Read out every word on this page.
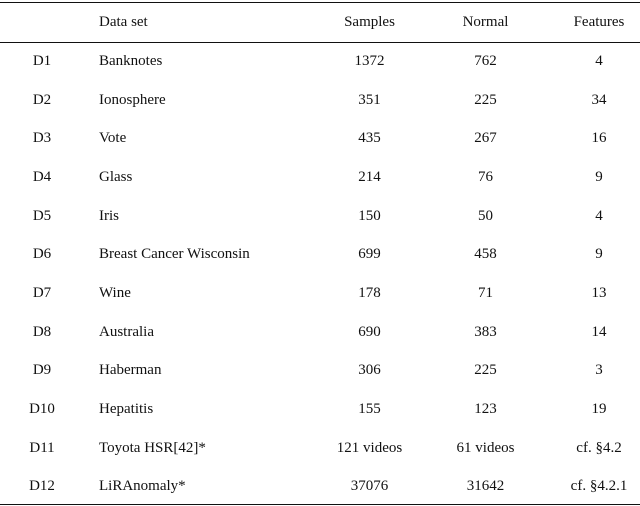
	Data set	Samples	Normal	Features
D1	Banknotes	1372	762	4
D2	Ionosphere	351	225	34
D3	Vote	435	267	16
D4	Glass	214	76	9
D5	Iris	150	50	4
D6	Breast Cancer Wisconsin	699	458	9
D7	Wine	178	71	13
D8	Australia	690	383	14
D9	Haberman	306	225	3
D10	Hepatitis	155	123	19
D11	Toyota HSR[42]*	121 videos	61 videos	cf. §4.2
D12	LiRAnomaly*	37076	31642	cf. §4.2.1
